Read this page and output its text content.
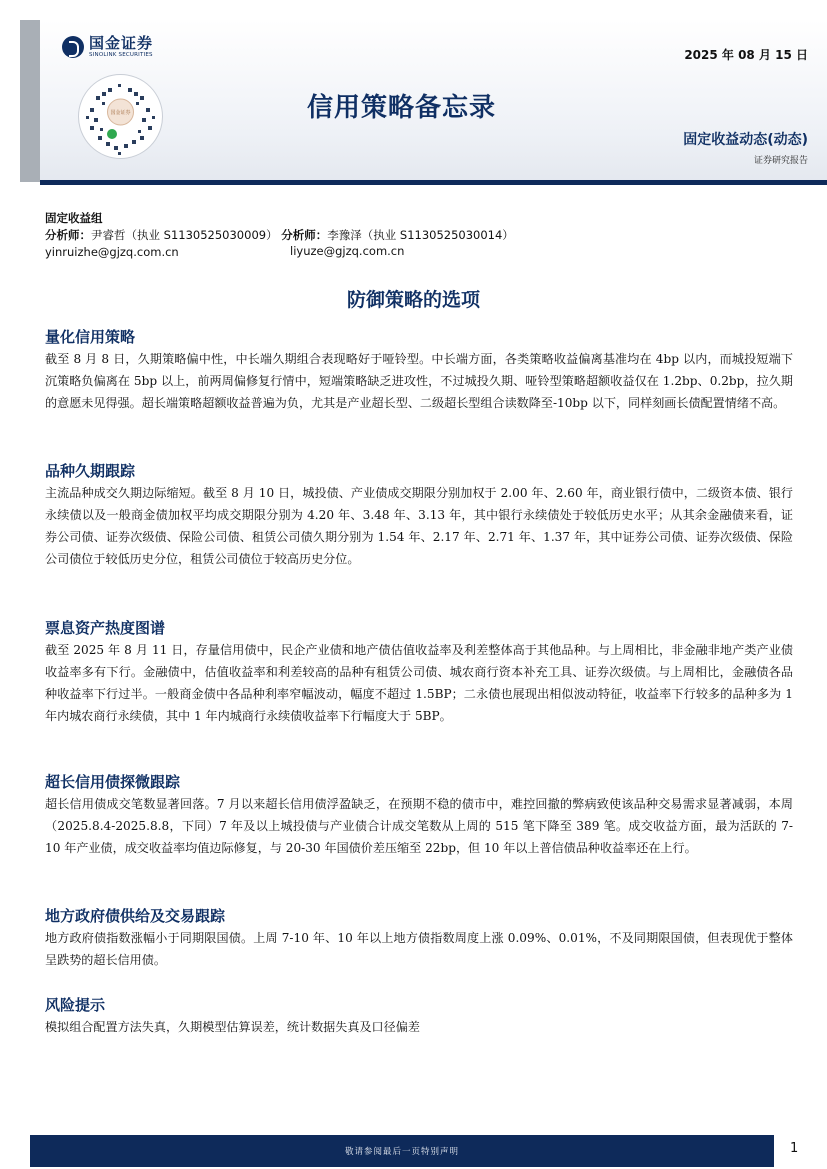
国金证券
SINOLINK SECURITIES
国金证券
2025 年 08 月 15 日
信用策略备忘录
固定收益动态(动态)
证券研究报告
固定收益组
分析师：尹睿哲（执业 S1130525030009） 分析师：李豫泽（执业 S1130525030014）
yinruizhe@gjzq.com.cn	liyuze@gjzq.com.cn
防御策略的选项
量化信用策略
截至 8 月 8 日，久期策略偏中性，中长端久期组合表现略好于哑铃型。中长端方面，各类策略收益偏离基准均在 4bp 以内，而城投短端下沉策略负偏离在 5bp 以上，前两周偏修复行情中，短端策略缺乏进攻性，不过城投久期、哑铃型策略超额收益仅在 1.2bp、0.2bp，拉久期的意愿未见得强。超长端策略超额收益普遍为负，尤其是产业超长型、二级超长型组合读数降至-10bp 以下，同样刻画长债配置情绪不高。
品种久期跟踪
主流品种成交久期边际缩短。截至 8 月 10 日，城投债、产业债成交期限分别加权于 2.00 年、2.60 年，商业银行债中，二级资本债、银行永续债以及一般商金债加权平均成交期限分别为 4.20 年、3.48 年、3.13 年，其中银行永续债处于较低历史水平；从其余金融债来看，证券公司债、证券次级债、保险公司债、租赁公司债久期分别为 1.54 年、2.17 年、2.71 年、1.37 年，其中证券公司债、证券次级债、保险公司债位于较低历史分位，租赁公司债位于较高历史分位。
票息资产热度图谱
截至 2025 年 8 月 11 日，存量信用债中，民企产业债和地产债估值收益率及利差整体高于其他品种。与上周相比，非金融非地产类产业债收益率多有下行。金融债中，估值收益率和利差较高的品种有租赁公司债、城农商行资本补充工具、证券次级债。与上周相比，金融债各品种收益率下行过半。一般商金债中各品种利率窄幅波动，幅度不超过 1.5BP；二永债也展现出相似波动特征，收益率下行较多的品种多为 1 年内城农商行永续债，其中 1 年内城商行永续债收益率下行幅度大于 5BP。
超长信用债探微跟踪
超长信用债成交笔数显著回落。7 月以来超长信用债浮盈缺乏，在预期不稳的债市中，难控回撤的弊病致使该品种交易需求显著减弱，本周（2025.8.4-2025.8.8，下同）7 年及以上城投债与产业债合计成交笔数从上周的 515 笔下降至 389 笔。成交收益方面，最为活跃的 7-10 年产业债，成交收益率均值边际修复，与 20-30 年国债价差压缩至 22bp，但 10 年以上普信债品种收益率还在上行。
地方政府债供给及交易跟踪
地方政府债指数涨幅小于同期限国债。上周 7-10 年、10 年以上地方债指数周度上涨 0.09%、0.01%，不及同期限国债，但表现优于整体呈跌势的超长信用债。
风险提示
模拟组合配置方法失真，久期模型估算误差，统计数据失真及口径偏差
敬请参阅最后一页特别声明	1
